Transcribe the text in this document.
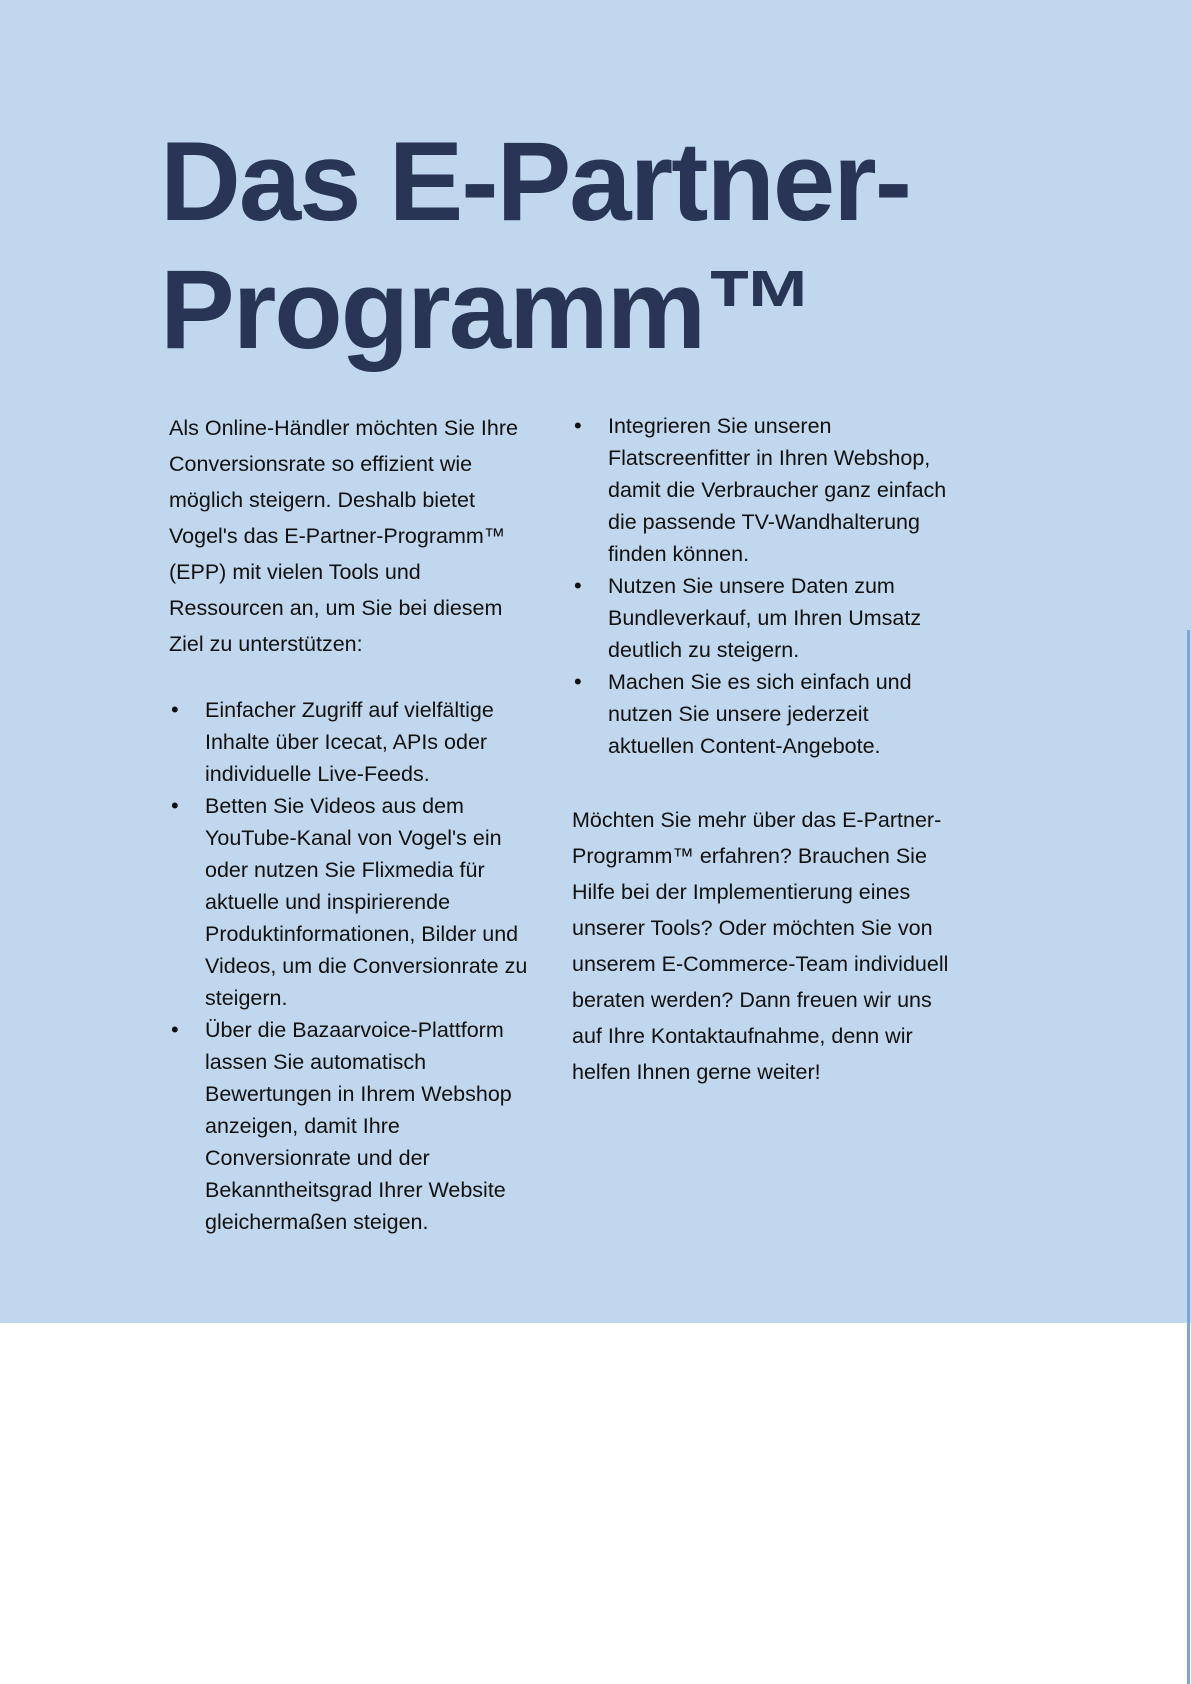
Das E-Partner-
Programm™

Als Online-Händler möchten Sie Ihre Conversionsrate so effizient wie möglich steigern. Deshalb bietet Vogel's das E-Partner-Programm™ (EPP) mit vielen Tools und Ressourcen an, um Sie bei diesem Ziel zu unterstützen:

• Einfacher Zugriff auf vielfältige Inhalte über Icecat, APIs oder individuelle Live-Feeds.
• Betten Sie Videos aus dem YouTube-Kanal von Vogel's ein oder nutzen Sie Flixmedia für aktuelle und inspirierende Produktinformationen, Bilder und Videos, um die Conversionrate zu steigern.
• Über die Bazaarvoice-Plattform lassen Sie automatisch Bewertungen in Ihrem Webshop anzeigen, damit Ihre Conversionrate und der Bekanntheitsgrad Ihrer Website gleichermaßen steigen.
• Integrieren Sie unseren Flatscreenfitter in Ihren Webshop, damit die Verbraucher ganz einfach die passende TV-Wandhalterung finden können.
• Nutzen Sie unsere Daten zum Bundleverkauf, um Ihren Umsatz deutlich zu steigern.
• Machen Sie es sich einfach und nutzen Sie unsere jederzeit aktuellen Content-Angebote.

Möchten Sie mehr über das E-Partner-Programm™ erfahren? Brauchen Sie Hilfe bei der Implementierung eines unserer Tools? Oder möchten Sie von unserem E-Commerce-Team individuell beraten werden? Dann freuen wir uns auf Ihre Kontaktaufnahme, denn wir helfen Ihnen gerne weiter!
